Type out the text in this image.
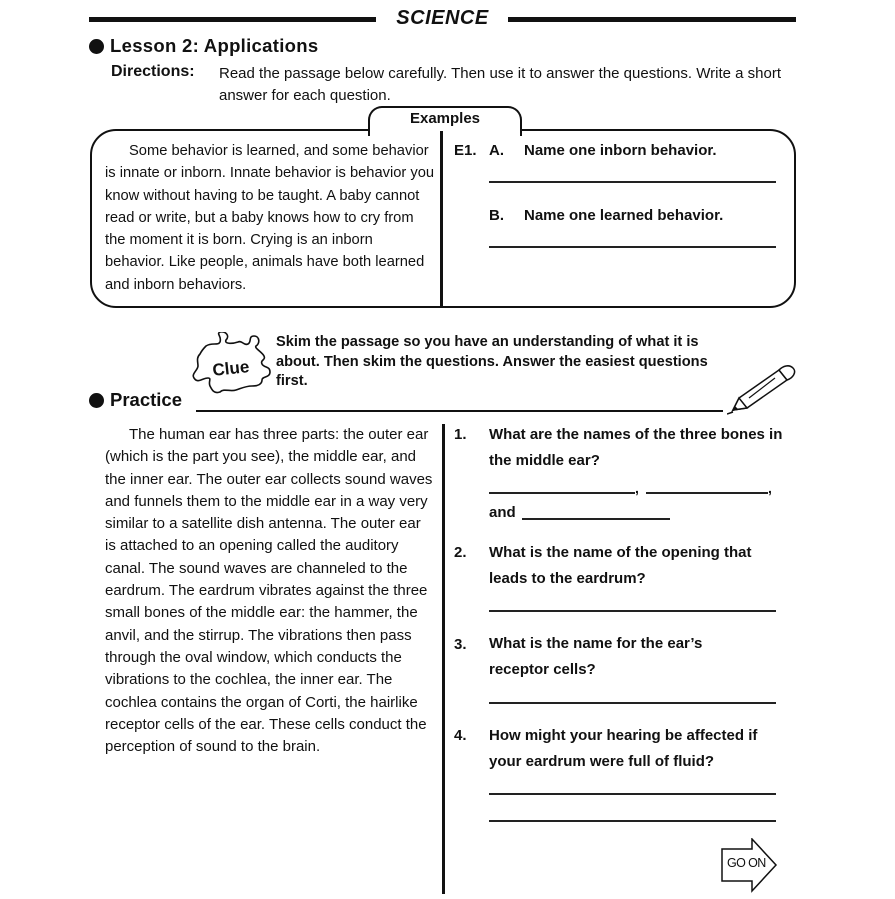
SCIENCE
Lesson 2: Applications
Directions: Read the passage below carefully. Then use it to answer the questions. Write a short answer for each question.
Examples
Some behavior is learned, and some behavior is innate or inborn. Innate behavior is behavior you know without having to be taught. A baby cannot read or write, but a baby knows how to cry from the moment it is born. Crying is an inborn behavior. Like people, animals have both learned and inborn behaviors.
E1. A. Name one inborn behavior.
B. Name one learned behavior.
Clue
Skim the passage so you have an understanding of what it is about. Then skim the questions. Answer the easiest questions first.
Practice
The human ear has three parts: the outer ear (which is the part you see), the middle ear, and the inner ear. The outer ear collects sound waves and funnels them to the middle ear in a way very similar to a satellite dish antenna. The outer ear is attached to an opening called the auditory canal. The sound waves are channeled to the eardrum. The eardrum vibrates against the three small bones of the middle ear: the hammer, the anvil, and the stirrup. The vibrations then pass through the oval window, which conducts the vibrations to the cochlea, the inner ear. The cochlea contains the organ of Corti, the hairlike receptor cells of the ear. These cells conduct the perception of sound to the brain.
1. What are the names of the three bones in the middle ear?
,	,
and
2. What is the name of the opening that leads to the eardrum?
3. What is the name for the ear’s receptor cells?
4. How might your hearing be affected if your eardrum were full of fluid?
GO ON
